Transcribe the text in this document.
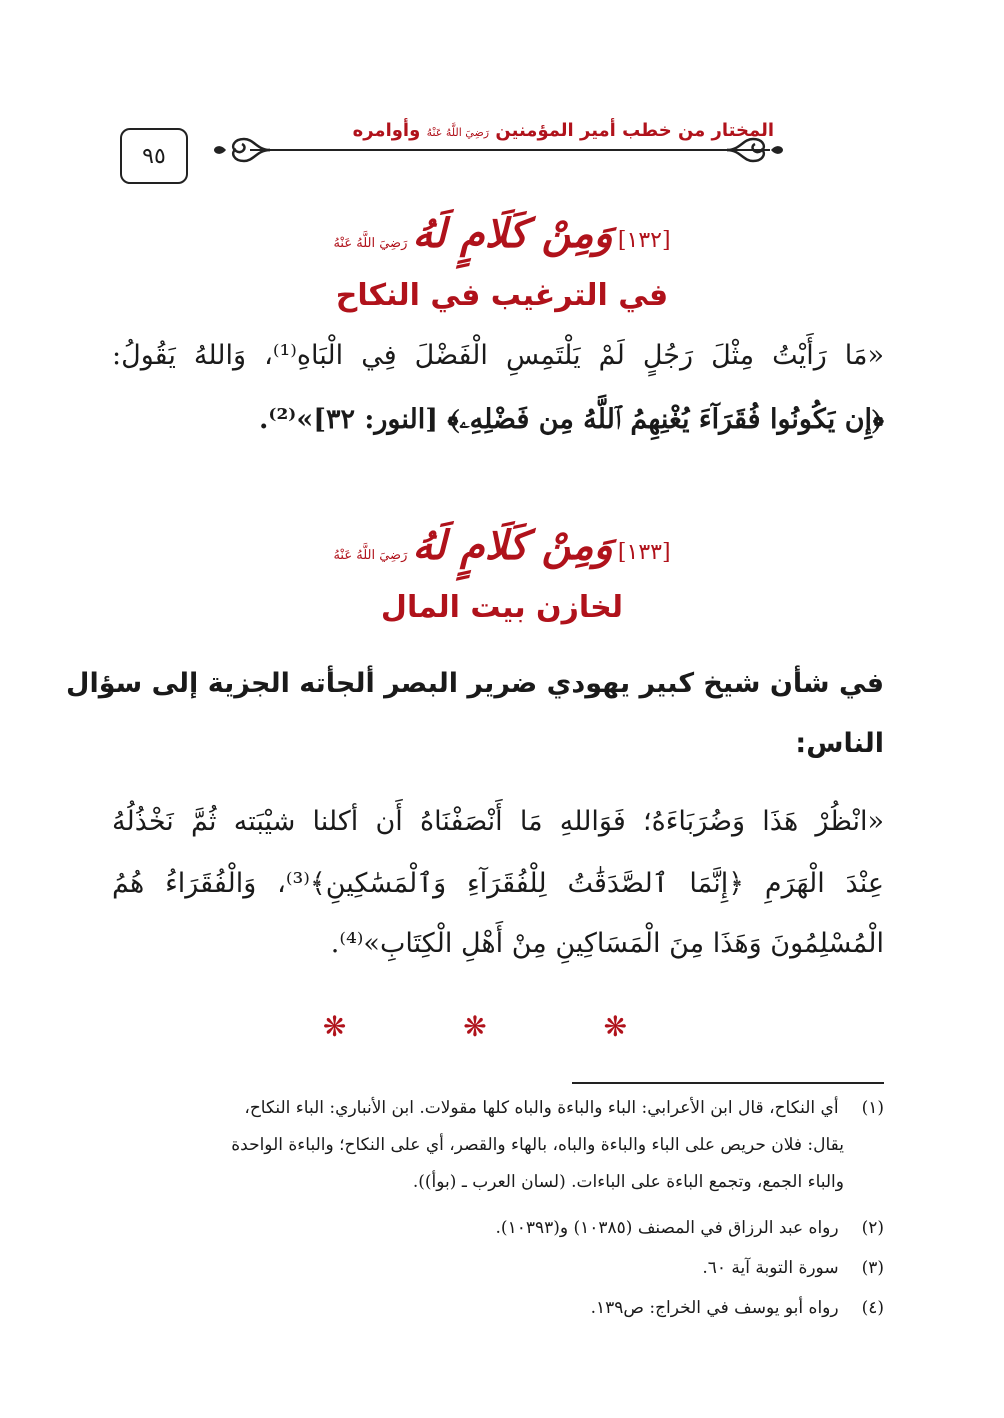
٩٥
المختار من خطب أمير المؤمنين رَضِيَ اللَّهُ عَنْهُ وأوامره
[١٣٢] وَمِنْ كَلَامٍ لَهُ رَضِيَ اللَّهُ عَنْهُ
في الترغيب في النكاح
«مَا رَأَيْتُ مِثْلَ رَجُلٍ لَمْ يَلْتَمِسِ الْفَضْلَ فِي الْبَاهِ⁽¹⁾، وَاللهُ يَقُولُ:
﴿إِن يَكُونُوا فُقَرَآءَ يُغْنِهِمُ ٱللَّهُ مِن فَضْلِهِۦ﴾ [النور: ٣٢]»⁽²⁾.
[١٣٣] وَمِنْ كَلَامٍ لَهُ رَضِيَ اللَّهُ عَنْهُ
لخازن بيت المال
في شأن شيخ كبير يهودي ضرير البصر ألجأته الجزية إلى سؤال
الناس:
«انْظُرْ هَذَا وَضُرَبَاءَهُ؛ فَوَاللهِ مَا أَنْصَفْنَاهُ أَن أكلنا شيْبَته ثُمَّ نَخْذُلُهُ
عِنْدَ الْهَرَمِ ﴿إِنَّمَا ٱلصَّدَقَٰتُ لِلْفُقَرَآءِ وَٱلْمَسَٰكِينِ﴾⁽³⁾، وَالْفُقَرَاءُ هُمُ
الْمُسْلِمُونَ وَهَذَا مِنَ الْمَسَاكِينِ مِنْ أَهْلِ الْكِتَابِ»⁽⁴⁾.
❋ ❋ ❋
(١) أي النكاح، قال ابن الأعرابي: الباء والباءة والباه كلها مقولات. ابن الأنباري: الباء النكاح،
يقال: فلان حريص على الباء والباءة والباه، بالهاء والقصر، أي على النكاح؛ والباءة الواحدة
والباء الجمع، وتجمع الباءة على الباءات. (لسان العرب ـ (بوأ)).
(٢) رواه عبد الرزاق في المصنف (١٠٣٨٥) و(١٠٣٩٣).
(٣) سورة التوبة آية ٦٠.
(٤) رواه أبو يوسف في الخراج: ص١٣٩.
